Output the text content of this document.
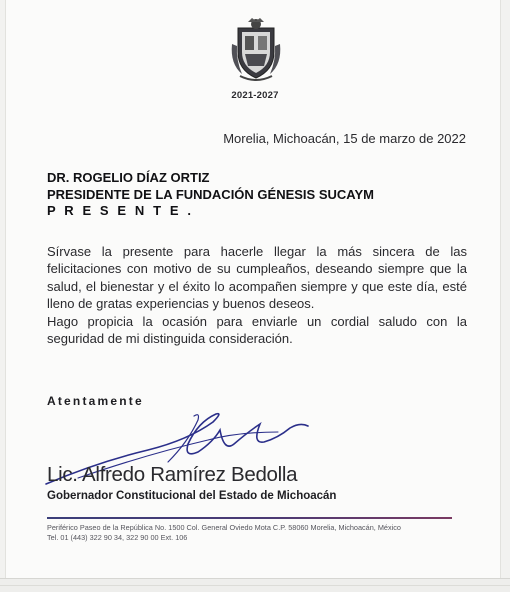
2021-2027
Morelia, Michoacán, 15 de marzo de 2022
DR. ROGELIO DÍAZ ORTIZ
PRESIDENTE DE LA FUNDACIÓN GÉNESIS SUCAYM
P R E S E N T E .
Sírvase la presente para hacerle llegar la más sincera de las felicitaciones con motivo de su cumpleaños, deseando siempre que la salud, el bienestar y el éxito lo acompañen siempre y que este día, esté lleno de gratas experiencias y buenos deseos.
Hago propicia la ocasión para enviarle un cordial saludo con la seguridad de mi distinguida consideración.
Atentamente
Lic. Alfredo Ramírez Bedolla
Gobernador Constitucional del Estado de Michoacán
Periférico Paseo de la República No. 1500 Col. General Oviedo Mota C.P. 58060 Morelia, Michoacán, México
Tel. 01 (443) 322 90 34, 322 90 00 Ext. 106
